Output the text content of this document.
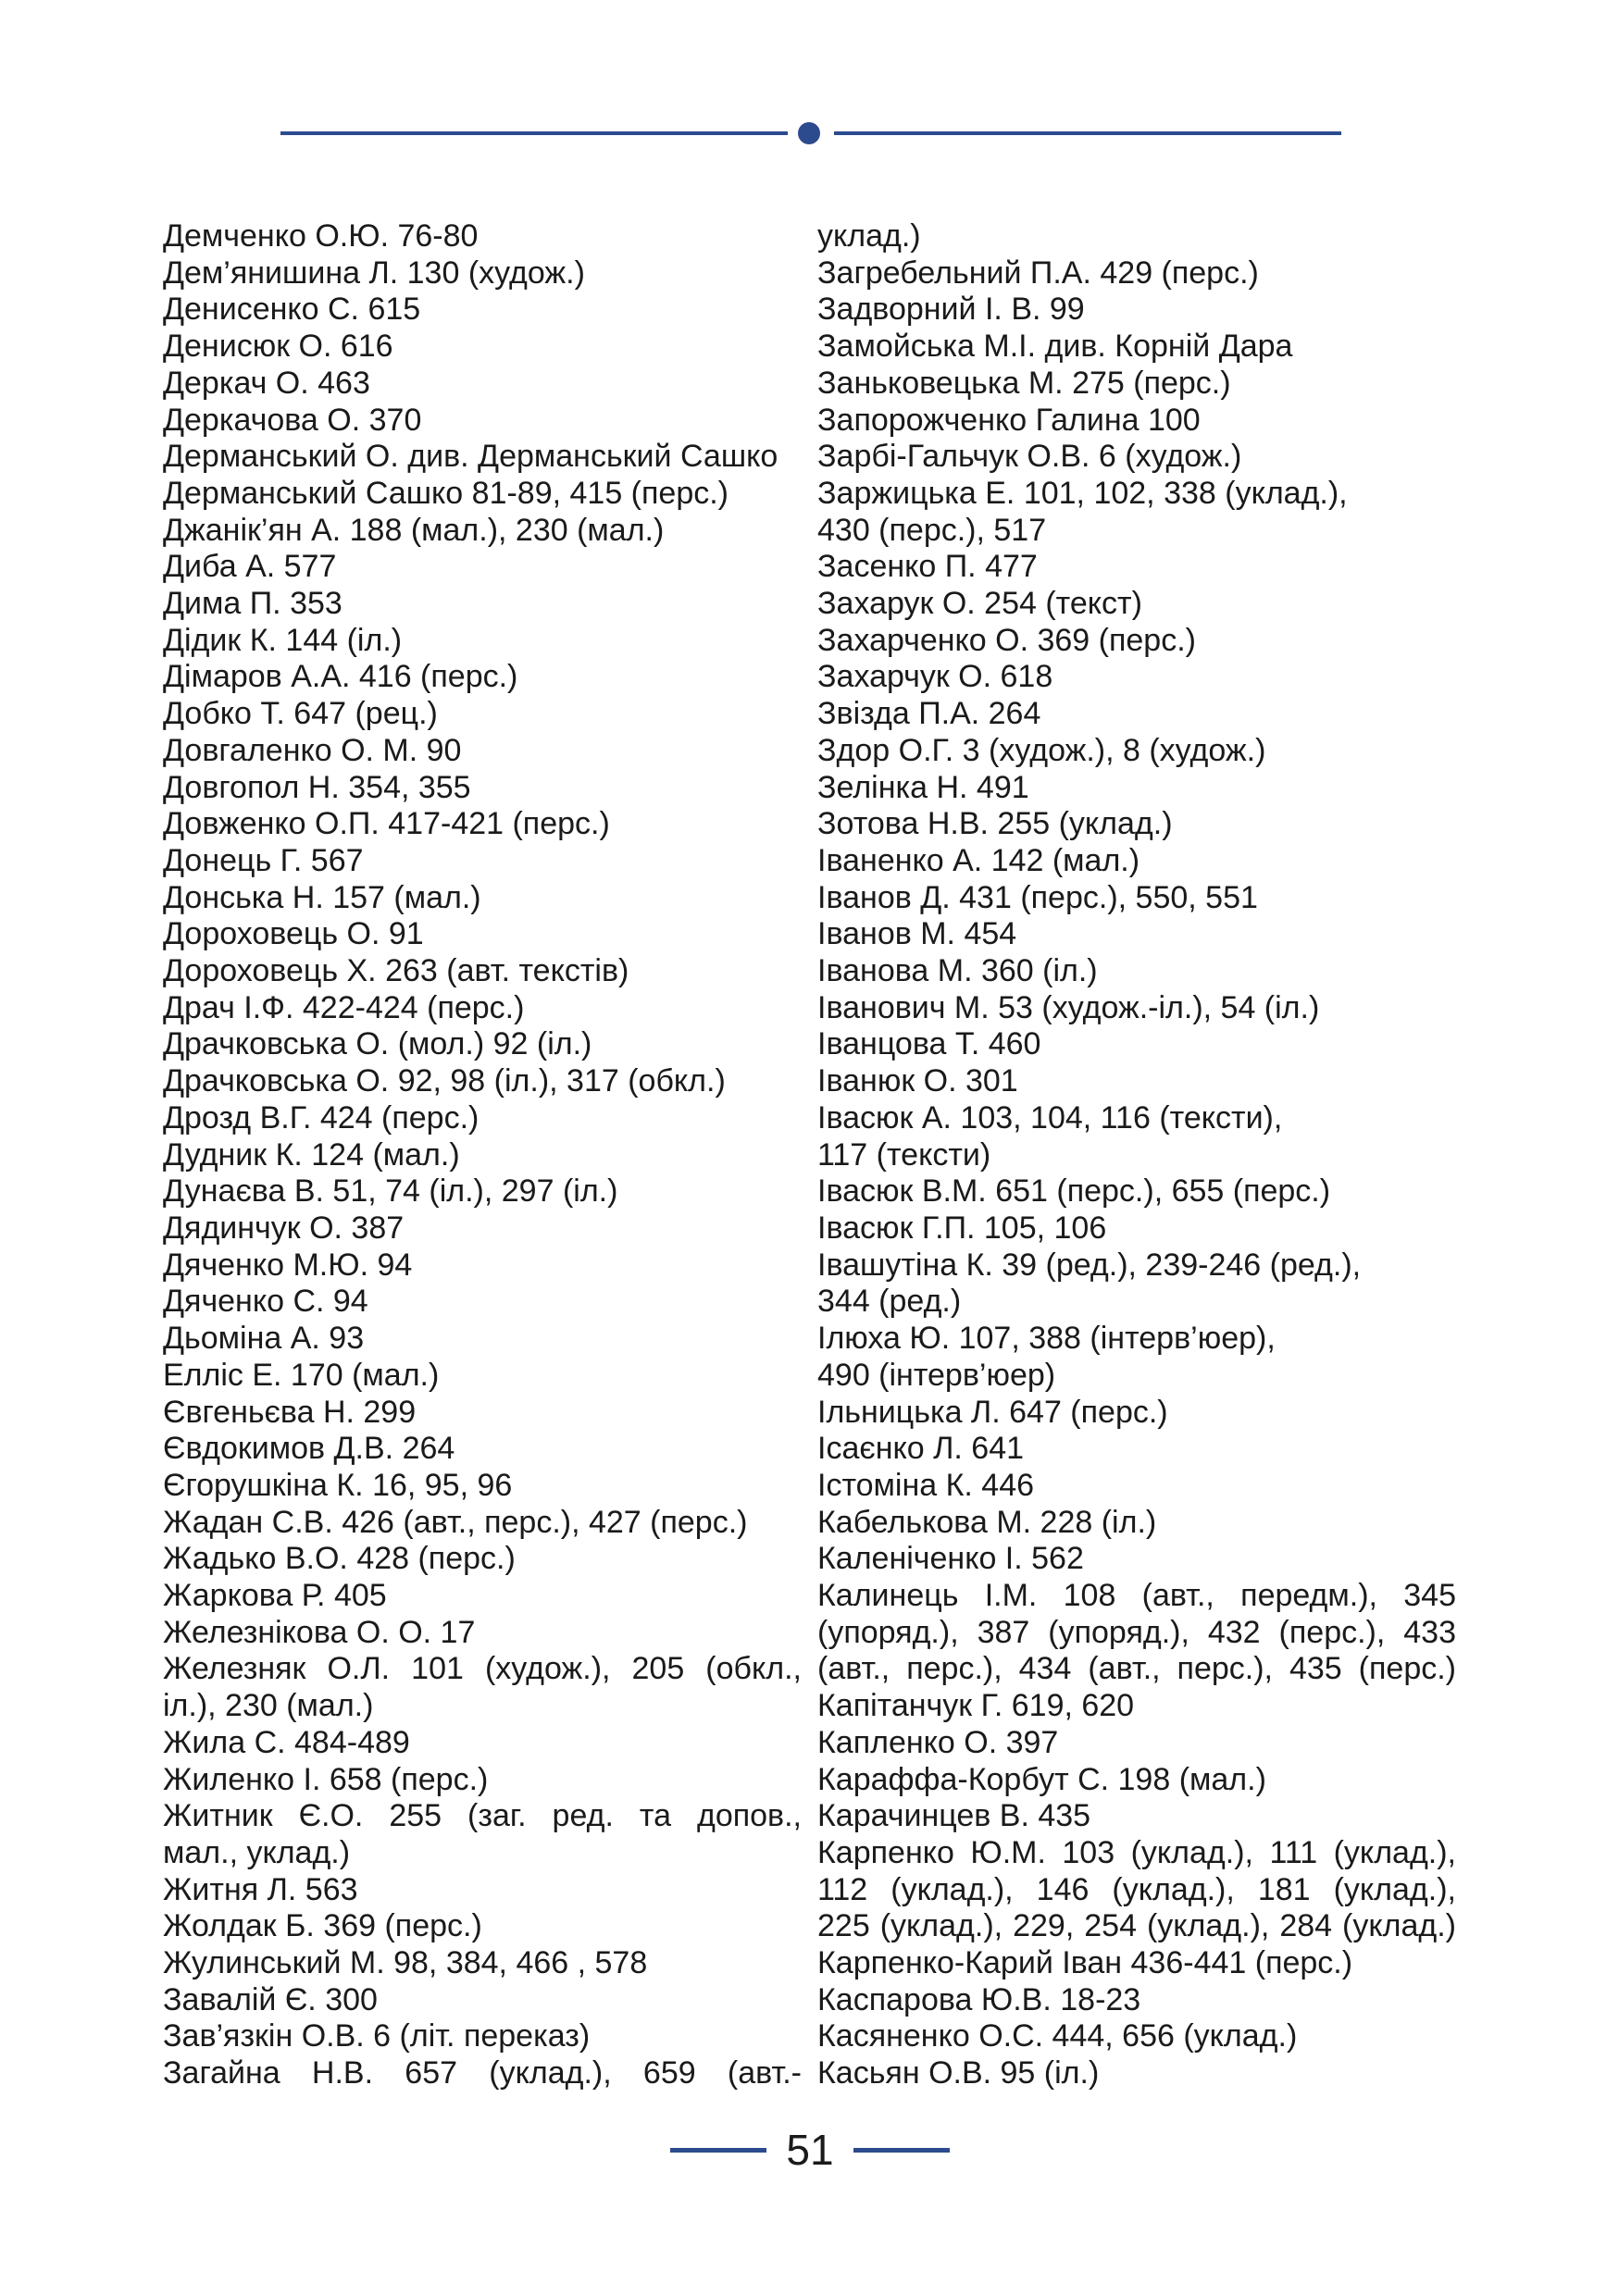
Демченко О.Ю. 76-80
Дем’янишина Л. 130 (худож.)
Денисенко С. 615
Денисюк О. 616
Деркач О. 463
Деркачова О. 370
Дерманський О. див. Дерманський Сашко
Дерманський Сашко 81-89, 415 (перс.)
Джанік’ян А. 188 (мал.), 230 (мал.)
Диба А. 577
Дима П. 353
Дідик К. 144 (іл.)
Дімаров А.А. 416 (перс.)
Добко Т. 647 (рец.)
Довгаленко О. М. 90
Довгопол Н. 354, 355
Довженко О.П. 417-421 (перс.)
Донець Г. 567
Донська Н. 157 (мал.)
Дороховець О. 91
Дороховець Х. 263 (авт. текстів)
Драч І.Ф. 422-424 (перс.)
Драчковська О. (мол.) 92 (іл.)
Драчковська О. 92, 98 (іл.), 317 (обкл.)
Дрозд В.Г. 424 (перс.)
Дудник К. 124 (мал.)
Дунаєва В. 51, 74 (іл.), 297 (іл.)
Дядинчук О. 387
Дяченко М.Ю. 94
Дяченко С. 94
Дьоміна А. 93
Елліс Е. 170 (мал.)
Євгеньєва Н. 299
Євдокимов Д.В. 264
Єгорушкіна К. 16, 95, 96
Жадан С.В. 426 (авт., перс.), 427 (перс.)
Жадько В.О. 428 (перс.)
Жаркова Р. 405
Железнікова О. О. 17
Железняк О.Л. 101 (худож.), 205 (обкл.,
іл.), 230 (мал.)
Жила С. 484-489
Жиленко І. 658 (перс.)
Житник Є.О. 255 (заг. ред. та допов.,
мал., уклад.)
Житня Л. 563
Жолдак Б. 369 (перс.)
Жулинський М. 98, 384, 466 , 578
Завалій Є. 300
Зав’язкін О.В. 6 (літ. переказ)
Загайна Н.В. 657 (уклад.), 659 (авт.-
уклад.)
Загребельний П.А. 429 (перс.)
Задворний І. В. 99
Замойська М.І. див. Корній Дара
Заньковецька М. 275 (перс.)
Запорожченко Галина 100
Зарбі-Гальчук О.В. 6 (худож.)
Заржицька Е. 101, 102, 338 (уклад.),
430 (перс.), 517
Засенко П. 477
Захарук О. 254 (текст)
Захарченко О. 369 (перс.)
Захарчук О. 618
Звізда П.А. 264
Здор О.Г. 3 (худож.), 8 (худож.)
Зелінка Н. 491
Зотова Н.В. 255 (уклад.)
Іваненко А. 142 (мал.)
Іванов Д. 431 (перс.), 550, 551
Іванов М. 454
Іванова М. 360 (іл.)
Іванович М. 53 (худож.-іл.), 54 (іл.)
Іванцова Т. 460
Іванюк О. 301
Івасюк А. 103, 104, 116 (тексти),
117 (тексти)
Івасюк В.М. 651 (перс.), 655 (перс.)
Івасюк Г.П. 105, 106
Івашутіна К. 39 (ред.), 239-246 (ред.),
344 (ред.)
Ілюха Ю. 107, 388 (інтерв’юер),
490 (інтерв’юер)
Ільницька Л. 647 (перс.)
Ісаєнко Л. 641
Істоміна К. 446
Кабелькова М. 228 (іл.)
Каленіченко І. 562
Калинець І.М. 108 (авт., передм.), 345
(упоряд.), 387 (упоряд.), 432 (перс.), 433
(авт., перс.), 434 (авт., перс.), 435 (перс.)
Капітанчук Г. 619, 620
Капленко О. 397
Караффа-Корбут С. 198 (мал.)
Карачинцев В. 435
Карпенко Ю.М. 103 (уклад.), 111 (уклад.),
112 (уклад.), 146 (уклад.), 181 (уклад.),
225 (уклад.), 229, 254 (уклад.), 284 (уклад.)
Карпенко-Карий Іван 436-441 (перс.)
Каспарова Ю.В. 18-23
Касяненко О.С. 444, 656 (уклад.)
Касьян О.В. 95 (іл.)
51
